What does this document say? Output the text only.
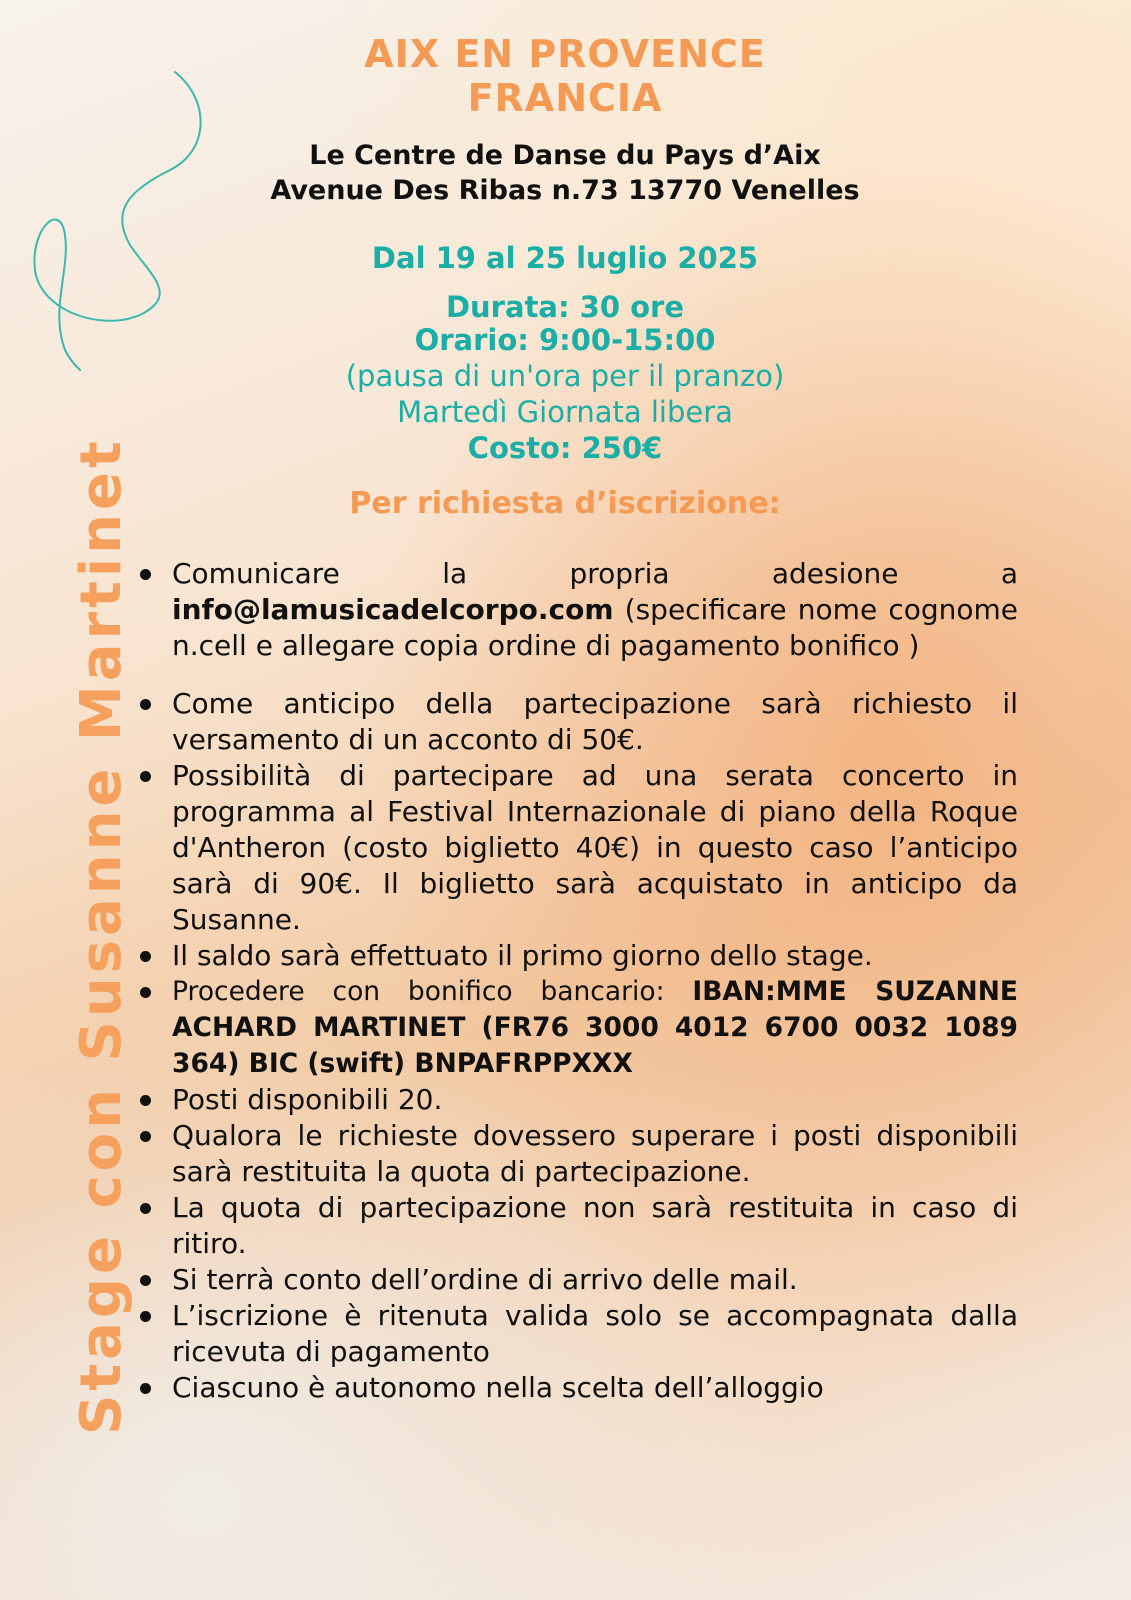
Stage con Susanne Martinet
AIX EN PROVENCE
FRANCIA
Le Centre de Danse du Pays d’Aix
Avenue Des Ribas n.73 13770 Venelles
Dal 19 al 25 luglio 2025
Durata: 30 ore
Orario: 9:00-15:00
(pausa di un'ora per il pranzo)
Martedì Giornata libera
Costo: 250€
Per richiesta d’iscrizione:
Comunicare la propria adesione a info@lamusicadelcorpo.com (specificare nome cognome n.cell e allegare copia ordine di pagamento bonifico )
Come anticipo della partecipazione sarà richiesto il versamento di un acconto di 50€.
Possibilità di partecipare ad una serata concerto in programma al Festival Internazionale di piano della Roque d'Antheron (costo biglietto 40€) in questo caso l’anticipo sarà di 90€. Il biglietto sarà acquistato in anticipo da Susanne.
Il saldo sarà effettuato il primo giorno dello stage.
Procedere con bonifico bancario: IBAN:MME SUZANNE ACHARD MARTINET (FR76 3000 4012 6700 0032 1089 364) BIC (swift) BNPAFRPPXXX
Posti disponibili 20.
Qualora le richieste dovessero superare i posti disponibili sarà restituita la quota di partecipazione.
La quota di partecipazione non sarà restituita in caso di ritiro.
Si terrà conto dell’ordine di arrivo delle mail.
L’iscrizione è ritenuta valida solo se accompagnata dalla ricevuta di pagamento
Ciascuno è autonomo nella scelta dell’alloggio
